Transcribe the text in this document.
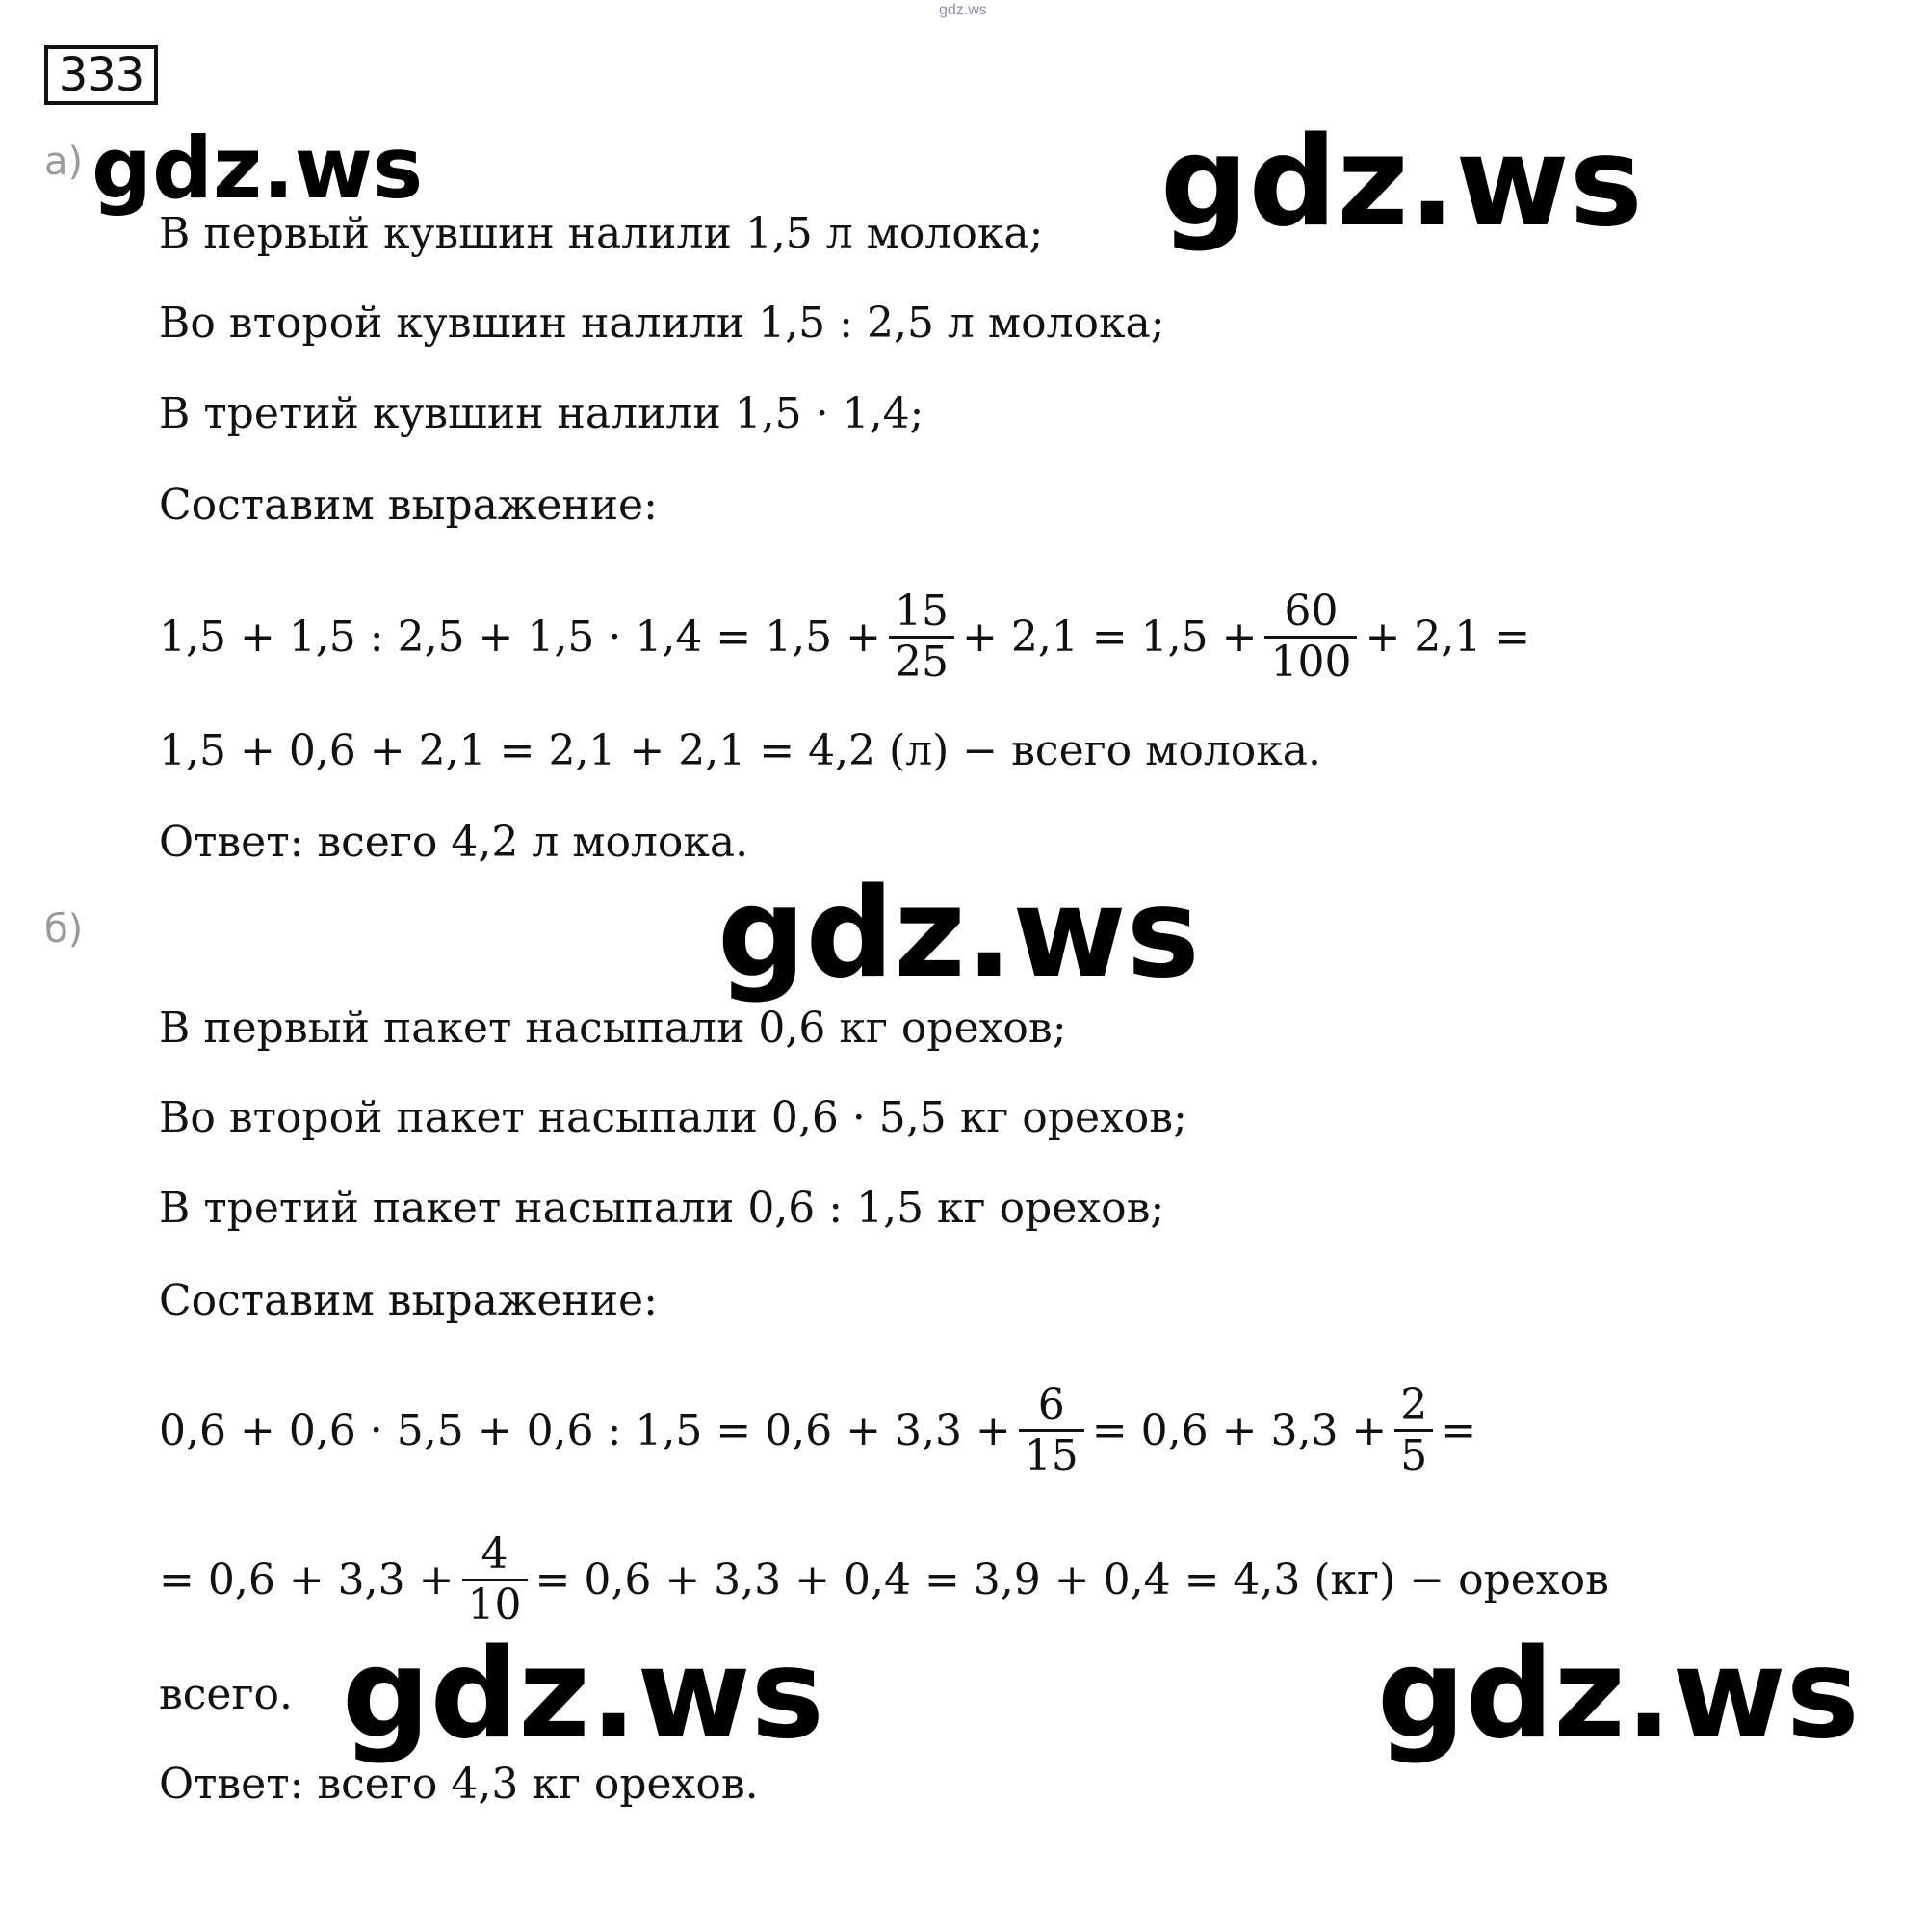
gdz.ws
333
gdz.ws	gdz.ws
gdz.ws
gdz.ws	gdz.ws
а)
В первый кувшин налили 1,5 л молока;
Во второй кувшин налили 1,5 : 2,5 л молока;
В третий кувшин налили 1,5 · 1,4;
Составим выражение:
1,5 + 1,5 : $2,5 + 1,5 \cdot 1,4 = 1,5 + \frac{15}{25} + 2,1 = 1,5 + \frac{60}{100} + 2,1$ =
1,5 + 0,6 + 2,1 = 2,1 + 2,1 = 4,2 (л) − всего молока.
Ответ: всего 4,2 л молока.
б)
В первый пакет насыпали 0,6 кг орехов;
Во второй пакет насыпали 0,6 · 5,5 кг орехов;
В третий пакет насыпали 0,6 : 1,5 кг орехов;
Составим выражение:
0,6 + 0,6 · 5,5 + 0,6 : $1,5 = 0,6 + 3,3 + \frac{6}{15} = 0,6 + 3,3 + \frac{2}{5}$ =
= $0,6 + 3,3 + \frac{4}{10} = 0,6 + 3,3 + 0,4 = 3,9 + 0,4 = 4,3$ (кг) − орехов
всего.
Ответ: всего 4,3 кг орехов.
